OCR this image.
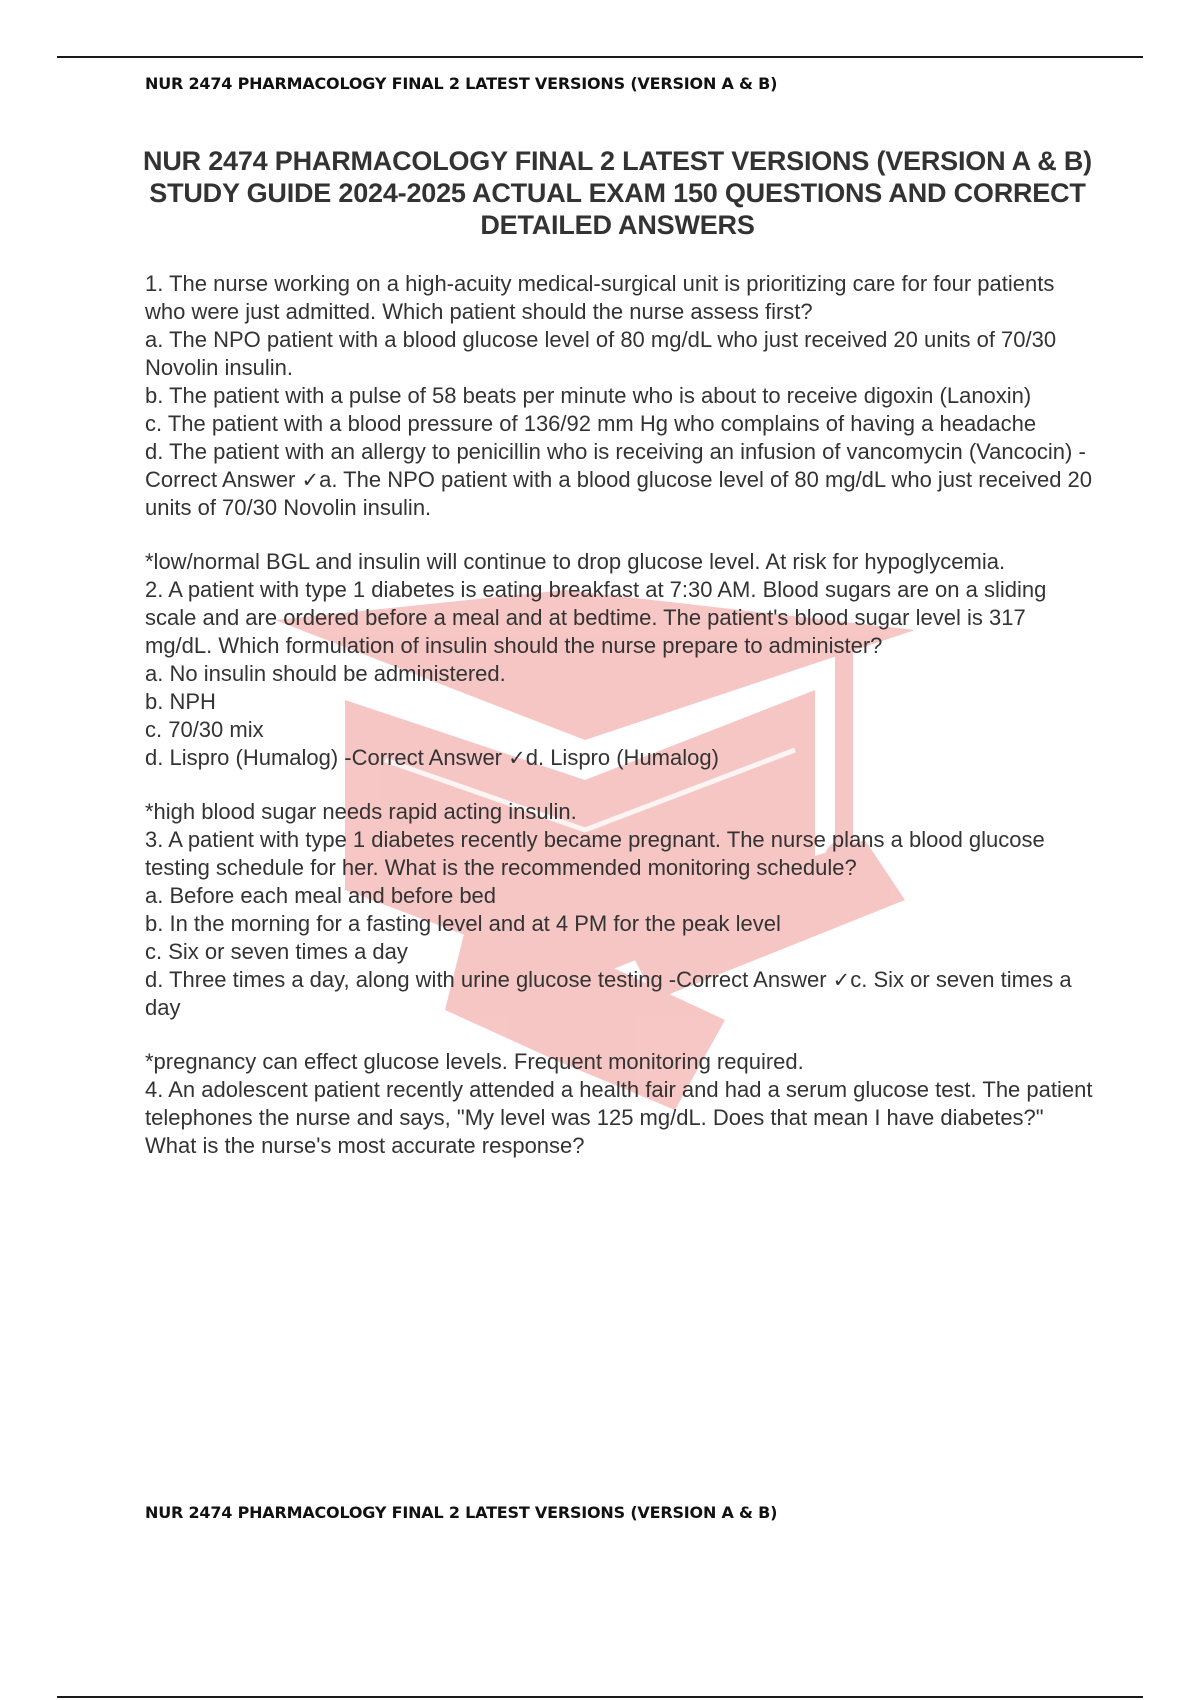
NUR 2474 PHARMACOLOGY FINAL 2 LATEST VERSIONS (VERSION A & B)
NUR 2474 PHARMACOLOGY FINAL 2 LATEST VERSIONS (VERSION A & B) STUDY GUIDE 2024-2025 ACTUAL EXAM 150 QUESTIONS AND CORRECT DETAILED ANSWERS

1. The nurse working on a high-acuity medical-surgical unit is prioritizing care for four patients who were just admitted. Which patient should the nurse assess first?

a. The NPO patient with a blood glucose level of 80 mg/dL who just received 20 units of 70/30 Novolin insulin.

b. The patient with a pulse of 58 beats per minute who is about to receive digoxin (Lanoxin)

c. The patient with a blood pressure of 136/92 mm Hg who complains of having a headache

d. The patient with an allergy to penicillin who is receiving an infusion of vancomycin (Vancocin) -Correct Answer ✓a. The NPO patient with a blood glucose level of 80 mg/dL who just received 20 units of 70/30 Novolin insulin.

*low/normal BGL and insulin will continue to drop glucose level. At risk for hypoglycemia.

2. A patient with type 1 diabetes is eating breakfast at 7:30 AM. Blood sugars are on a sliding scale and are ordered before a meal and at bedtime. The patient's blood sugar level is 317 mg/dL. Which formulation of insulin should the nurse prepare to administer?

a. No insulin should be administered.

b. NPH

c. 70/30 mix

d. Lispro (Humalog) -Correct Answer ✓d. Lispro (Humalog)

*high blood sugar needs rapid acting insulin.

3. A patient with type 1 diabetes recently became pregnant. The nurse plans a blood glucose testing schedule for her. What is the recommended monitoring schedule?

a. Before each meal and before bed

b. In the morning for a fasting level and at 4 PM for the peak level

c. Six or seven times a day

d. Three times a day, along with urine glucose testing -Correct Answer ✓c. Six or seven times a day

*pregnancy can effect glucose levels. Frequent monitoring required.

4. An adolescent patient recently attended a health fair and had a serum glucose test. The patient telephones the nurse and says, "My level was 125 mg/dL. Does that mean I have diabetes?" What is the nurse's most accurate response?

NUR 2474 PHARMACOLOGY FINAL 2 LATEST VERSIONS (VERSION A & B)
